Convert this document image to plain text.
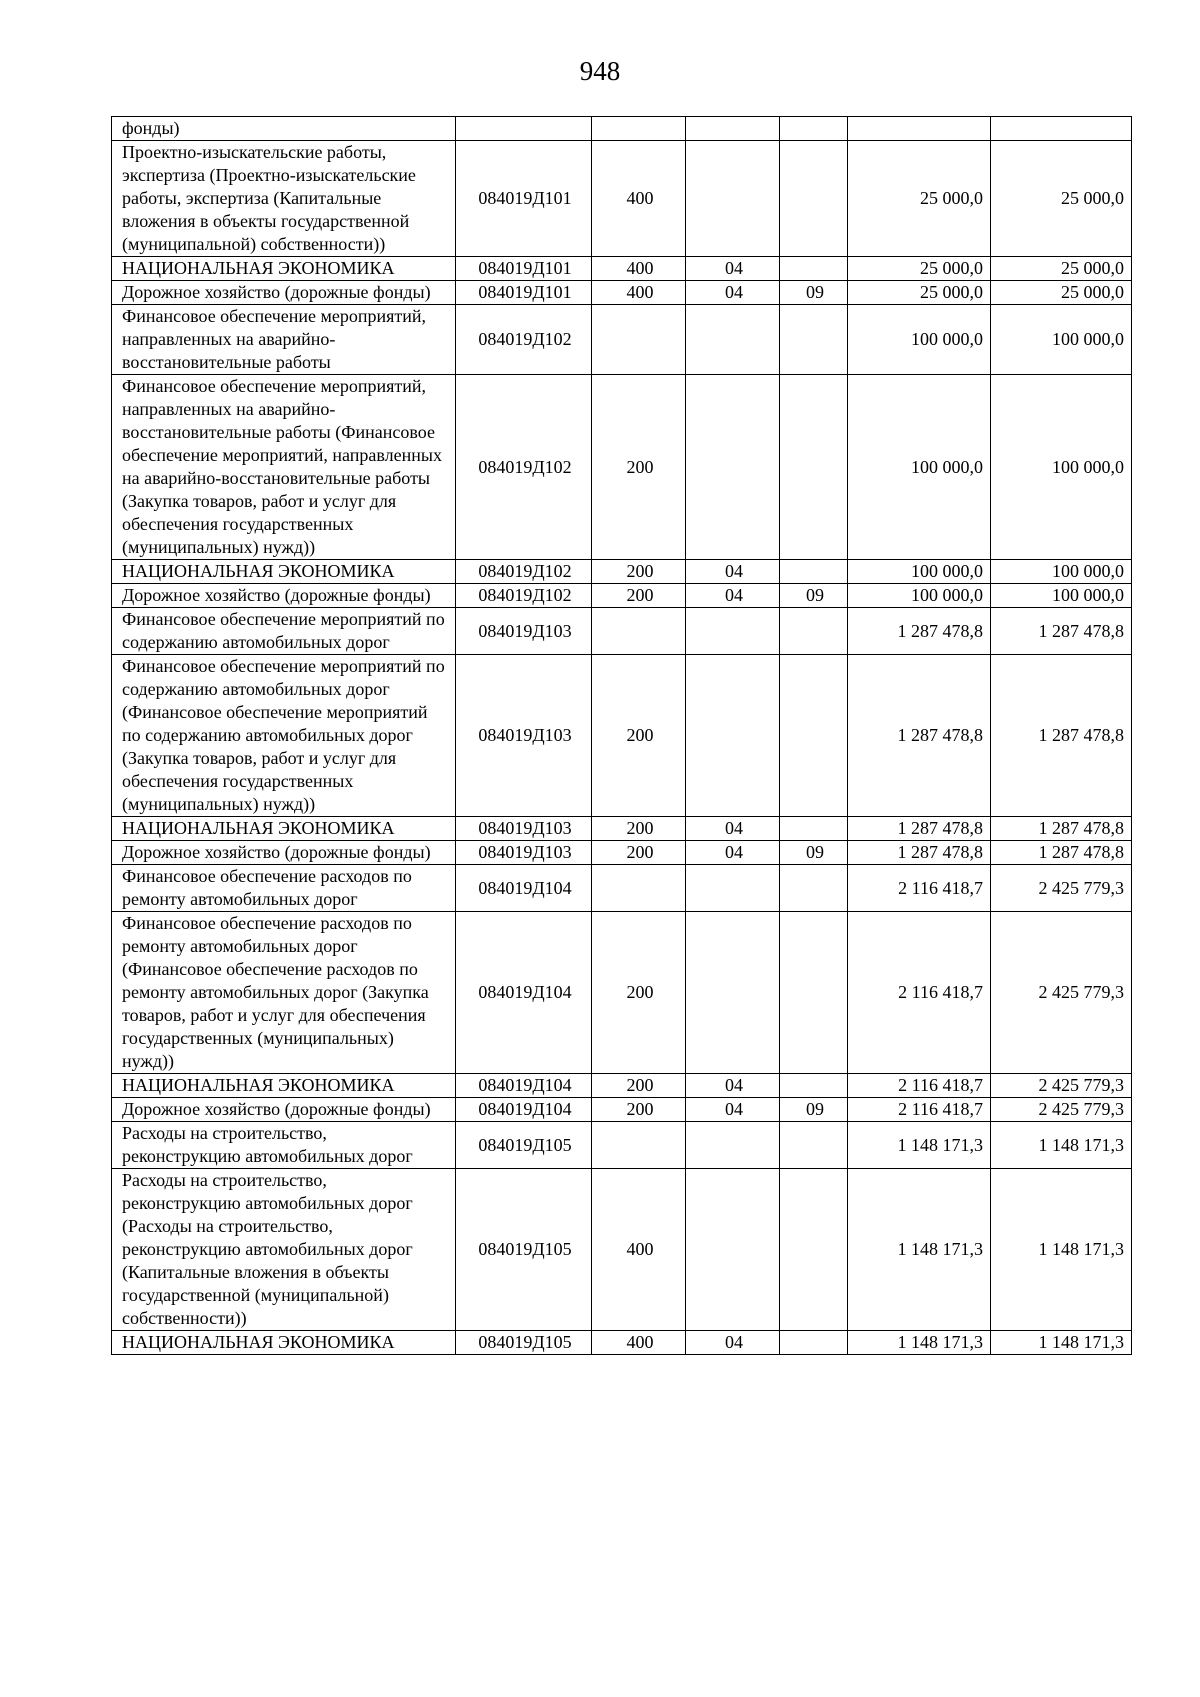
948
фонды)						
Проектно-изыскательские работы, экспертиза (Проектно-изыскательские работы, экспертиза (Капитальные вложения в объекты государственной (муниципальной) собственности))	084019Д101	400			25 000,0	25 000,0
НАЦИОНАЛЬНАЯ ЭКОНОМИКА	084019Д101	400	04		25 000,0	25 000,0
Дорожное хозяйство (дорожные фонды)	084019Д101	400	04	09	25 000,0	25 000,0
Финансовое обеспечение мероприятий, направленных на аварийно-восстановительные работы	084019Д102				100 000,0	100 000,0
Финансовое обеспечение мероприятий, направленных на аварийно-восстановительные работы (Финансовое обеспечение мероприятий, направленных на аварийно-восстановительные работы (Закупка товаров, работ и услуг для обеспечения государственных (муниципальных) нужд))	084019Д102	200			100 000,0	100 000,0
НАЦИОНАЛЬНАЯ ЭКОНОМИКА	084019Д102	200	04		100 000,0	100 000,0
Дорожное хозяйство (дорожные фонды)	084019Д102	200	04	09	100 000,0	100 000,0
Финансовое обеспечение мероприятий по содержанию автомобильных дорог	084019Д103				1 287 478,8	1 287 478,8
Финансовое обеспечение мероприятий по содержанию автомобильных дорог (Финансовое обеспечение мероприятий по содержанию автомобильных дорог (Закупка товаров, работ и услуг для обеспечения государственных (муниципальных) нужд))	084019Д103	200			1 287 478,8	1 287 478,8
НАЦИОНАЛЬНАЯ ЭКОНОМИКА	084019Д103	200	04		1 287 478,8	1 287 478,8
Дорожное хозяйство (дорожные фонды)	084019Д103	200	04	09	1 287 478,8	1 287 478,8
Финансовое обеспечение расходов по ремонту автомобильных дорог	084019Д104				2 116 418,7	2 425 779,3
Финансовое обеспечение расходов по ремонту автомобильных дорог (Финансовое обеспечение расходов по ремонту автомобильных дорог (Закупка товаров, работ и услуг для обеспечения государственных (муниципальных) нужд))	084019Д104	200			2 116 418,7	2 425 779,3
НАЦИОНАЛЬНАЯ ЭКОНОМИКА	084019Д104	200	04		2 116 418,7	2 425 779,3
Дорожное хозяйство (дорожные фонды)	084019Д104	200	04	09	2 116 418,7	2 425 779,3
Расходы на строительство, реконструкцию автомобильных дорог	084019Д105				1 148 171,3	1 148 171,3
Расходы на строительство, реконструкцию автомобильных дорог (Расходы на строительство, реконструкцию автомобильных дорог (Капитальные вложения в объекты государственной (муниципальной) собственности))	084019Д105	400			1 148 171,3	1 148 171,3
НАЦИОНАЛЬНАЯ ЭКОНОМИКА	084019Д105	400	04		1 148 171,3	1 148 171,3
